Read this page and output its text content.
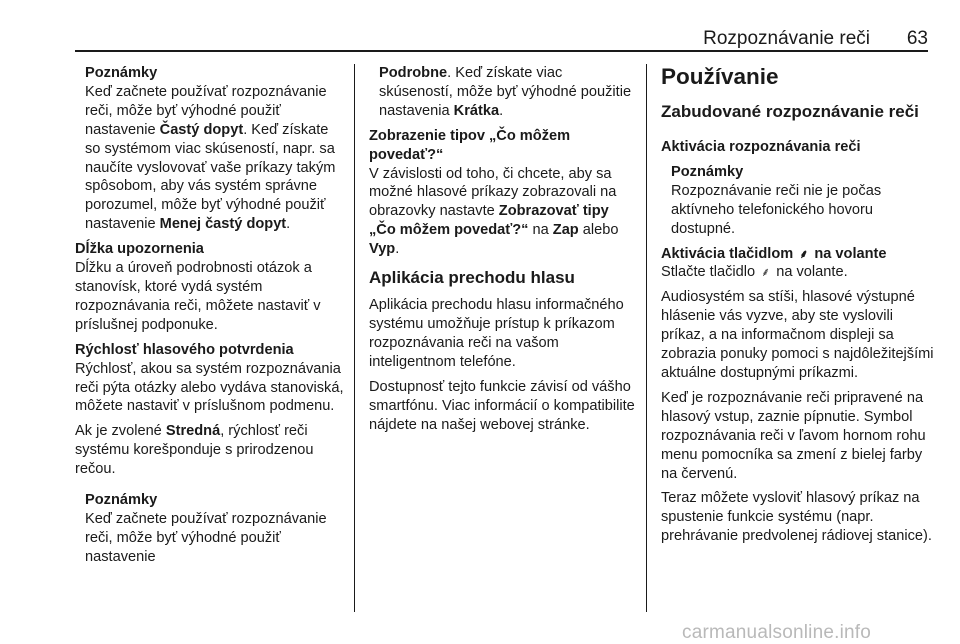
Rozpoznávanie reči 63

Poznámky

Keď začnete používať rozpoznávanie reči, môže byť výhodné použiť nastavenie Častý dopyt. Keď získate so systémom viac skúseností, napr. sa naučíte vyslovovať vaše príkazy takým spôsobom, aby vás systém správne porozumel, môže byť výhodné použiť nastavenie Menej častý dopyt.

Dĺžka upozornenia

Dĺžku a úroveň podrobnosti otázok a stanovísk, ktoré vydá systém rozpoznávania reči, môžete nastaviť v príslušnej podponuke.

Rýchlosť hlasového potvrdenia

Rýchlosť, akou sa systém rozpoznávania reči pýta otázky alebo vydáva stanoviská, môžete nastaviť v príslušnom podmenu.

Ak je zvolené Stredná, rýchlosť reči systému korešponduje s prirodzenou rečou.

Poznámky

Keď začnete používať rozpoznávanie reči, môže byť výhodné použiť nastavenie

Podrobne. Keď získate viac skúseností, môže byť výhodné použitie nastavenia Krátka.

Zobrazenie tipov „Čo môžem povedať?“

V závislosti od toho, či chcete, aby sa možné hlasové príkazy zobrazovali na obrazovky nastavte Zobrazovať tipy „Čo môžem povedať?“ na Zap alebo Vyp.

Aplikácia prechodu hlasu

Aplikácia prechodu hlasu informačného systému umožňuje prístup k príkazom rozpoznávania reči na vašom inteligentnom telefóne.

Dostupnosť tejto funkcie závisí od vášho smartfónu. Viac informácií o kompatibilite nájdete na našej webovej stránke.

Používanie

Zabudované rozpoznávanie reči

Aktivácia rozpoznávania reči

Poznámky

Rozpoznávanie reči nie je počas aktívneho telefonického hovoru dostupné.

Aktivácia tlačidlom ⸙ na volante

Stlačte tlačidlo ⸙ na volante.

Audiosystém sa stíši, hlasové výstupné hlásenie vás vyzve, aby ste vyslovili príkaz, a na informačnom displeji sa zobrazia ponuky pomoci s najdôležitejšími aktuálne dostupnými príkazmi.

Keď je rozpoznávanie reči pripravené na hlasový vstup, zaznie pípnutie. Symbol rozpoznávania reči v ľavom hornom rohu menu pomocníka sa zmení z bielej farby na červenú.

Teraz môžete vysloviť hlasový príkaz na spustenie funkcie systému (napr. prehrávanie predvolenej rádiovej stanice).

carmanualsonline.info
